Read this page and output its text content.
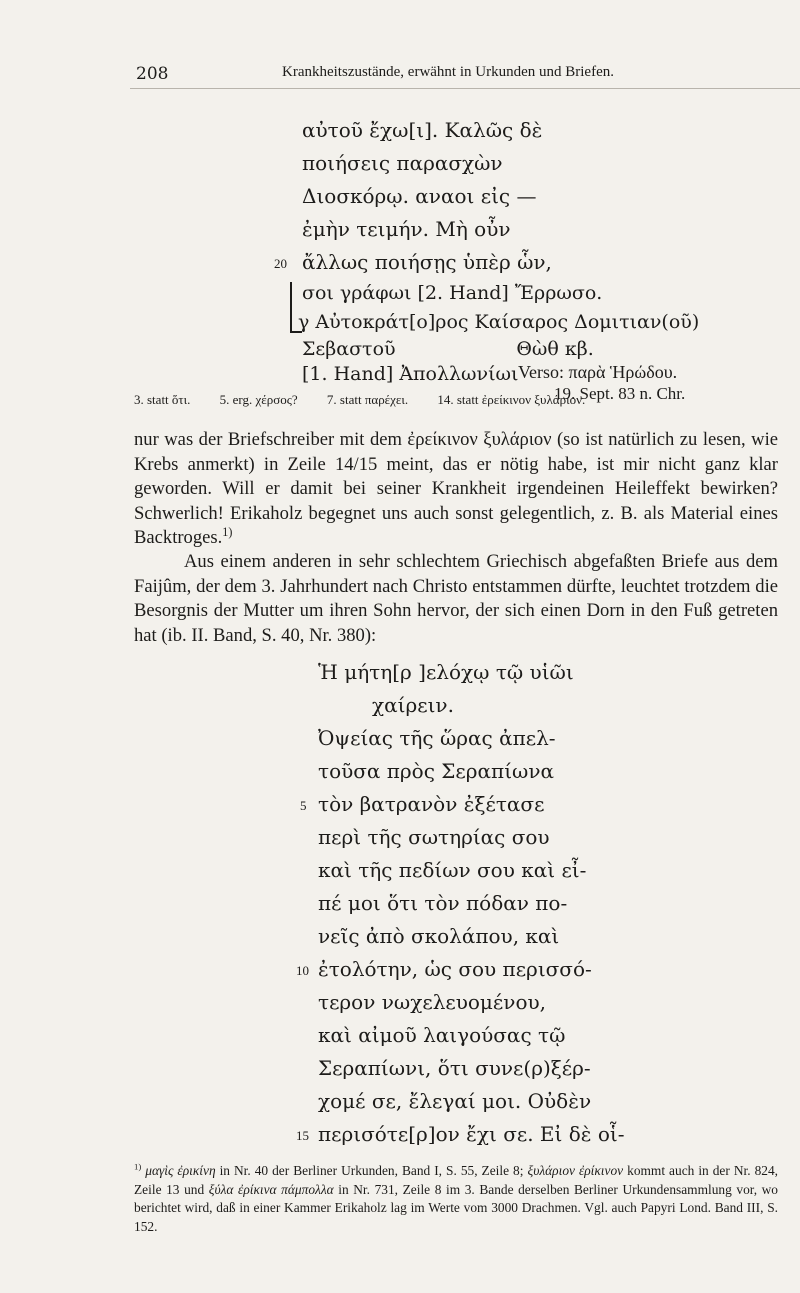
208	Krankheitszustände, erwähnt in Urkunden und Briefen.
αὐτοῦ ἔχω[ι]. Καλῶς δὲ
ποιήσεις παρασχὼν
Διοσκόρῳ. αναοι εἰς —
ἐμὴν τειμήν. Μὴ οὖν
20 ἄλλως ποιήσῃς ὑπὲρ ὧν,
σοι γράφωι [2. Hand] Ἔρρωσο.
γ Αὐτοκράτ[ο]ρος Καίσαρος Δομιτιαν(οῦ)
Σεβαστοῦ                    Θὼθ κβ.
[1. Hand] Ἀπολλωνίωι Verso: παρὰ Ἡρώδου.
19. Sept. 83 n. Chr.
3. statt ὅτι. 5. erg. χέρσος? 7. statt παρέχει. 14. statt ἐρείκινον ξυλάριον.
nur was der Briefschreiber mit dem ἐρείκινον ξυλάριον (so ist natürlich zu lesen, wie Krebs anmerkt) in Zeile 14/15 meint, das er nötig habe, ist mir nicht ganz klar geworden. Will er damit bei seiner Krankheit irgendeinen Heileffekt bewirken? Schwerlich! Erikaholz begegnet uns auch sonst gelegentlich, z. B. als Material eines Backtroges.$^{1)}$
Aus einem anderen in sehr schlechtem Griechisch abgefaßten Briefe aus dem Faijûm, der dem 3. Jahrhundert nach Christo entstammen dürfte, leuchtet trotzdem die Besorgnis der Mutter um ihren Sohn hervor, der sich einen Dorn in den Fuß getreten hat (ib. II. Band, S. 40, Nr. 380):
Ἡ μήτη[ρ ]ελόχῳ τῷ υἱῶι
χαίρειν.
Ὀψείας τῆς ὥρας ἀπελ-
τοῦσα πρὸς Σεραπίωνα
5 τὸν βατρανὸν ἐξέτασε
περὶ τῆς σωτηρίας σου
καὶ τῆς πεδίων σου καὶ εἶ-
πέ μοι ὅτι τὸν πόδαν πο-
νεῖς ἀπὸ σκολάπου, καὶ
10 ἐτολότην, ὡς σου περισσό-
τερον νωχελευομένου,
καὶ αἰμοῦ λαιγούσας τῷ
Σεραπίωνι, ὅτι συνε(ρ)ξέρ-
χομέ σε, ἔλεγαί μοι. Οὐδὲν
15 περισότε[ρ]ον ἔχι σε. Εἰ δὲ οἷ-
$^{1)}$ μαγὶς ἐρικίνη in Nr. 40 der Berliner Urkunden, Band I, S. 55, Zeile 8; ξυλάριον ἐρίκινον kommt auch in der Nr. 824, Zeile 13 und ξύλα ἐρίκινα πάμπολλα in Nr. 731, Zeile 8 im 3. Bande derselben Berliner Urkundensammlung vor, wo berichtet wird, daß in einer Kammer Erikaholz lag im Werte vom 3000 Drachmen. Vgl. auch Papyri Lond. Band III, S. 152.
